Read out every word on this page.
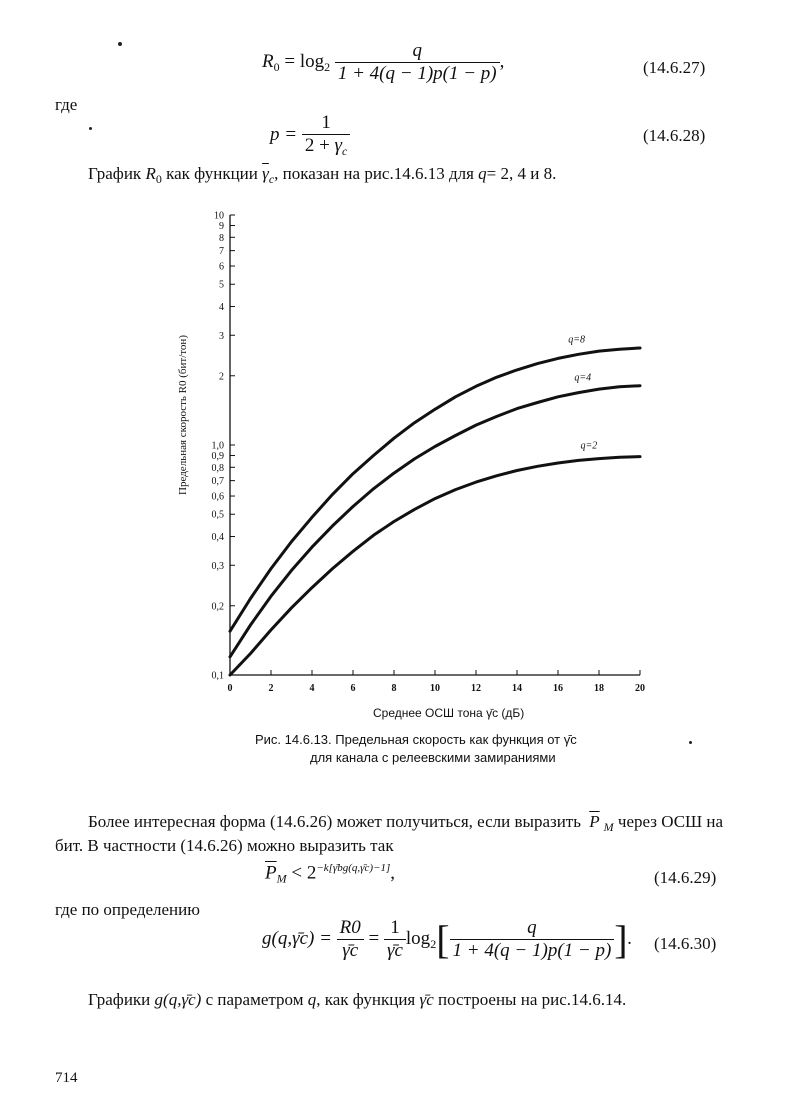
$R_0 = \log_2 \frac{q}{1 + 4(q - 1)p(1 - p)}$ ,	(14.6.27)
где
$p = \frac{1}{2 + \overline{\gamma}_c}$	(14.6.28)
График $R_0$ как функции $\overline{\gamma}_c$, показан на рис.14.6.13 для q= 2, 4 и 8.
0,1
0,2
0,3
0,4
0,5
0,6
0,7
0,8
0,9
1,0
2
3
4
5
6
7
8
9
10
0	2	4	6	8	10	12	14	16	18	20
Предельная скорость R0 (бит/тон)	q=8
q=4
q=2
Среднее ОСШ тона γ̄c (дБ)
Рис. 14.6.13. Предельная скорость как функция от γ̄c
для канала с релеевскими замираниями
Более интересная форма (14.6.26) может получиться, если выразить $\overline{P}$ $_M$ через ОСШ на
бит. В частности (14.6.26) можно выразить так
$\overline{P}_M < 2^{-k[\gammābg(q,\gammāc)-1]}$,	(14.6.29)
где по определению
g(q,γ̄c) = $\frac{R0}{\gammāc} = \frac{1}{\gammāc} \log_2[ \frac{q}{1 + 4(q - 1)p(1 - p)}$ ]. (14.6.30)
Графики g(q,γ̄c) с параметром q, как функция γ̄c построены на рис.14.6.14.
714
